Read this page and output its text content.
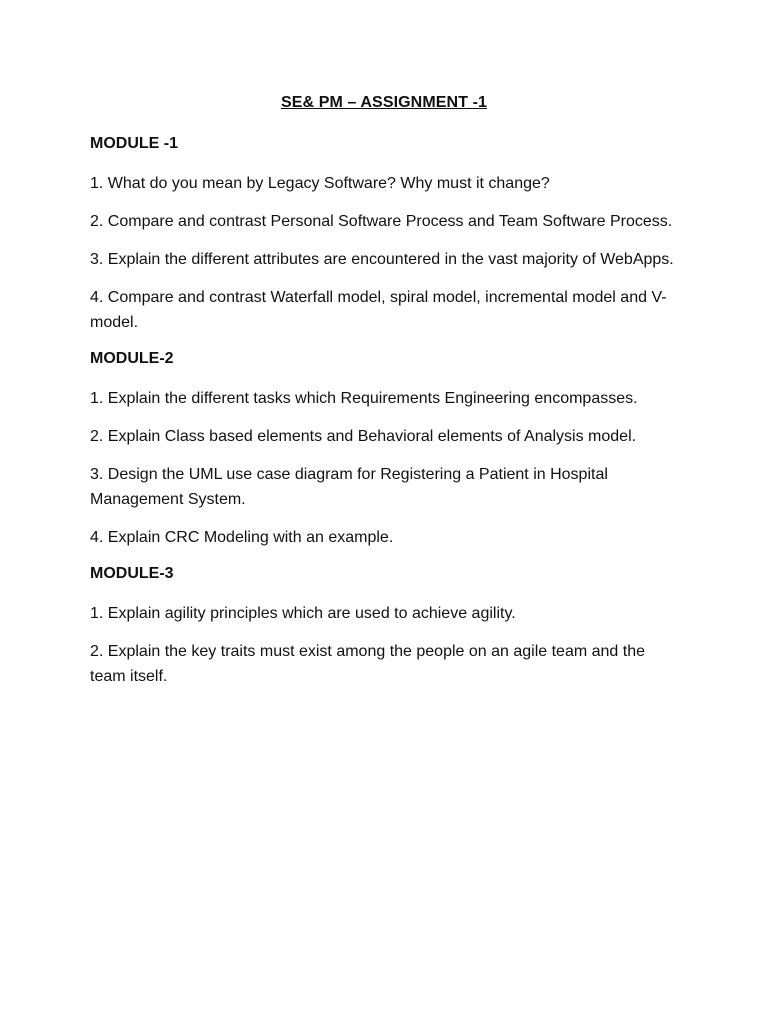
SE& PM – ASSIGNMENT -1
MODULE -1
1. What do you mean by Legacy Software? Why must it change?
2. Compare and contrast Personal Software Process and Team Software Process.
3. Explain the different attributes are encountered in the vast majority of WebApps.
4. Compare and contrast Waterfall model, spiral model, incremental model and V-model.
MODULE-2
1. Explain the different tasks which Requirements Engineering encompasses.
2. Explain Class based elements and Behavioral elements of Analysis model.
3. Design the UML use case diagram for Registering a Patient in Hospital Management System.
4. Explain CRC Modeling with an example.
MODULE-3
1. Explain agility principles which are used to achieve agility.
2. Explain the key traits must exist among the people on an agile team and the team itself.
